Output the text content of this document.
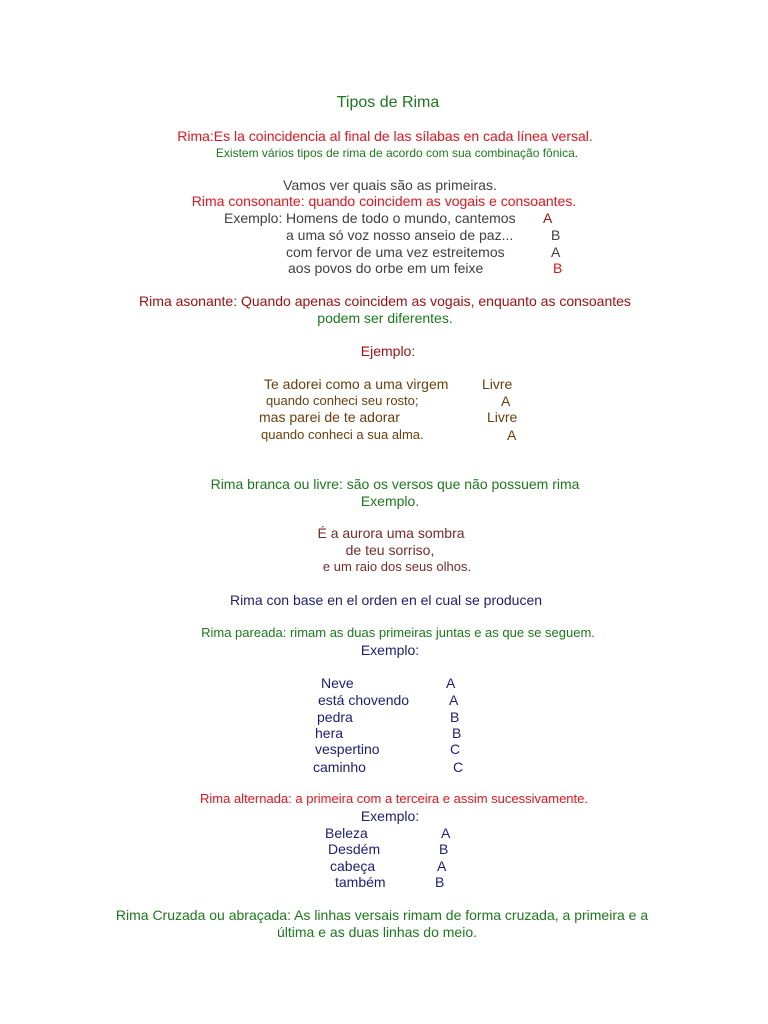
Tipos de Rima
Rima:Es la coincidencia al final de las sílabas en cada línea versal.
Existem vários tipos de rima de acordo com sua combinação fônica.
Vamos ver quais são as primeiras.
Rima consonante: quando coincidem as vogais e consoantes.
Exemplo: Homens de todo o mundo, cantemos A
a uma só voz nosso anseio de paz...	B
com fervor de uma vez estreitemos	A
aos povos do orbe em um feixe	B
Rima asonante: Quando apenas coincidem as vogais, enquanto as consoantes
podem ser diferentes.
Ejemplo:
Te adorei como a uma virgem Livre
quando conheci seu rosto;	A
mas parei de te adorar	Livre
quando conheci a sua alma.	A
Rima branca ou livre: são os versos que não possuem rima
Exemplo.
É a aurora uma sombra
de teu sorriso,
e um raio dos seus olhos.
Rima con base en el orden en el cual se producen
Rima pareada: rimam as duas primeiras juntas e as que se seguem.
Exemplo:
Neve	A
está chovendo	A
pedra	B
hera	B
vespertino	C
caminho	C
Rima alternada: a primeira com a terceira e assim sucessivamente.
Exemplo:
Beleza	A
Desdém	B
cabeça	A
também	B
Rima Cruzada ou abraçada: As linhas versais rimam de forma cruzada, a primeira e a
última e as duas linhas do meio.
